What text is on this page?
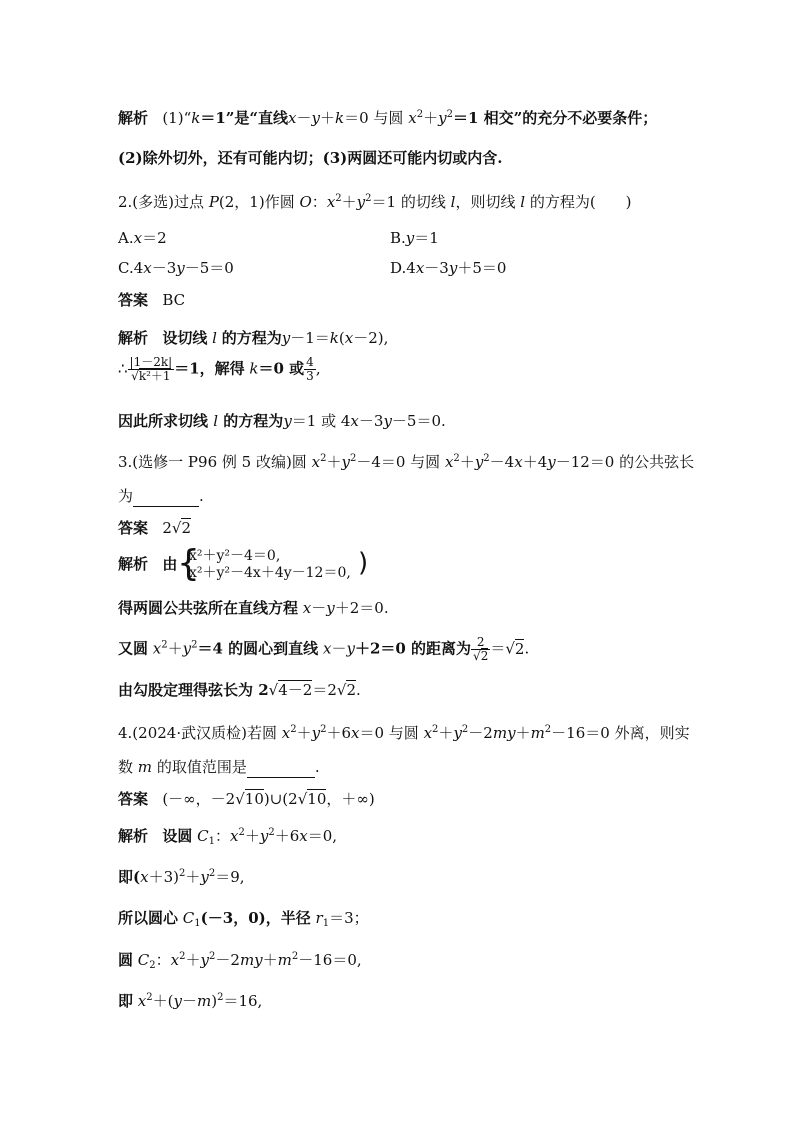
解析 (1)“k＝1”是“直线x－y＋k＝0 与圆 $x^2+y^2=1$ 相交”的充分不必要条件；
(2)除外切外，还有可能内切；(3)两圆还可能内切或内含.
2.(多选)过点 P(2，1)作圆 O：$x^2+y^2=1$ 的切线 l，则切线 l 的方程为(　　)
A.x＝2	B.y＝1
C.4x－3y－5＝0	D.4x－3y＋5＝0
答案 BC
解析 设切线 l 的方程为y－1＝k(x－2),
∴ $\frac{|1-2k|}{\text{√k²＋1}} =1$，解得 k＝0 或 $\frac{4}{3}$ ,
因此所求切线 l 的方程为y＝1 或 4x－3y－5＝0.
3.(选修一 P96 例 5 改编)圆 $x^2+y^2-4=0$ 与圆 $x^2+y^2-4x+4y-12=0$ 的公共弦长
为	.
答案 2√2
解析 由 {
x²＋y²－4＝0,
x²＋y²－4x＋4y－12＝0, )
得两圆公共弦所在直线方程 x－y＋2＝0.
又圆 $x^2+y^2=4$ 的圆心到直线 x－y＋2＝0 的距离为 $\frac{2}{√2} =√2$.
由勾股定理得弦长为 2√4－2＝2√2.
4.(2024·武汉质检)若圆 $x^2+y^2+6x=0$ 与圆 $x^2+y^2-2my+m^2-16=0$ 外离，则实
数 m 的取值范围是	.
答案 (－∞，－2√10)∪(2√10，＋∞)
解析 设圆 $C_1$：$x^2+y^2+6x=0$,
即$(x+3)^2+y^2=9$,
所以圆心 $C_1(-3$，0)，半径 $r_1=3$；
圆 $C_2$：$x^2+y^2-2my+m^2-16=0$,
即 $x^2+(y-m)^2=16$,
